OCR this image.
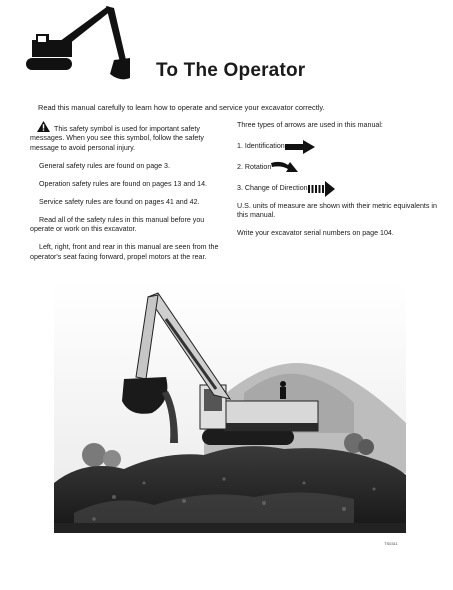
To The Operator
Read this manual carefully to learn how to operate and service your excavator correctly.
This safety symbol is used for important safety messages. When you see this symbol, follow the safety message to avoid personal injury.

General safety rules are found on page 3.

Operation safety rules are found on pages 13 and 14.

Service safety rules are found on pages 41 and 42.

Read all of the safety rules in this manual before you operate or work on this excavator.

Left, right, front and rear in this manual are seen from the operator's seat facing forward, propel motors at the rear.

Three types of arrows are used in this manual:

1. Identification
2. Rotation
3. Change of Direction

U.S. units of measure are shown with their metric equivalents in this manual.

Write your excavator serial numbers on page 104.

TS0311
